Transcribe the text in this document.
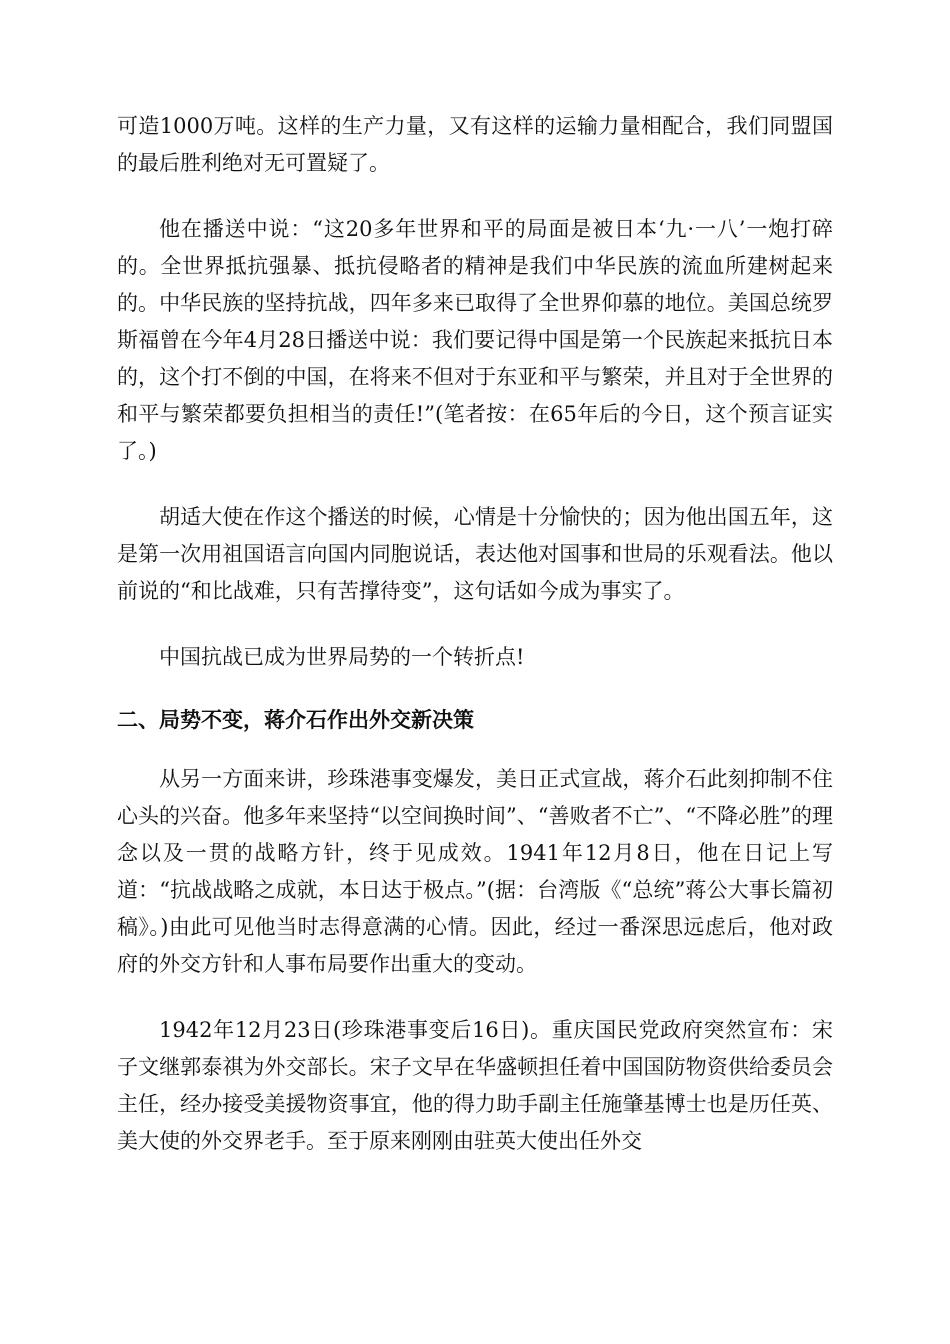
可造1000万吨。这样的生产力量，又有这样的运输力量相配合，我们同盟国的最后胜利绝对无可置疑了。

他在播送中说：“这20多年世界和平的局面是被日本‘九·一八’一炮打碎的。全世界抵抗强暴、抵抗侵略者的精神是我们中华民族的流血所建树起来的。中华民族的坚持抗战，四年多来已取得了全世界仰慕的地位。美国总统罗斯福曾在今年4月28日播送中说：我们要记得中国是第一个民族起来抵抗日本的，这个打不倒的中国，在将来不但对于东亚和平与繁荣，并且对于全世界的和平与繁荣都要负担相当的责任!”(笔者按：在65年后的今日，这个预言证实了。)

胡适大使在作这个播送的时候，心情是十分愉快的；因为他出国五年，这是第一次用祖国语言向国内同胞说话，表达他对国事和世局的乐观看法。他以前说的“和比战难，只有苦撑待变”，这句话如今成为事实了。

中国抗战已成为世界局势的一个转折点!

二、局势不变，蒋介石作出外交新决策

从另一方面来讲，珍珠港事变爆发，美日正式宣战，蒋介石此刻抑制不住心头的兴奋。他多年来坚持“以空间换时间”、“善败者不亡”、“不降必胜”的理念以及一贯的战略方针，终于见成效。1941年12月8日，他在日记上写道：“抗战战略之成就，本日达于极点。”(据：台湾版《“总统”蒋公大事长篇初稿》。)由此可见他当时志得意满的心情。因此，经过一番深思远虑后，他对政府的外交方针和人事布局要作出重大的变动。

1942年12月23日(珍珠港事变后16日)。重庆国民党政府突然宣布：宋子文继郭泰祺为外交部长。宋子文早在华盛顿担任着中国国防物资供给委员会主任，经办接受美援物资事宜，他的得力助手副主任施肇基博士也是历任英、美大使的外交界老手。至于原来刚刚由驻英大使出任外交
